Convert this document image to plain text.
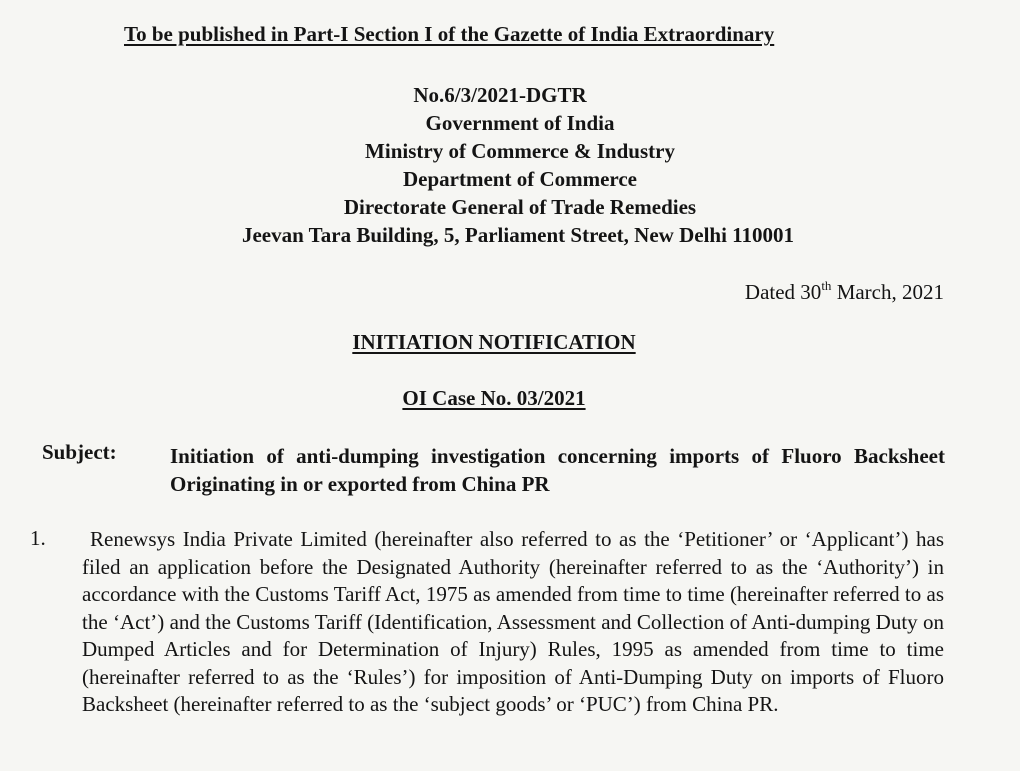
To be published in Part-I Section I of the Gazette of India Extraordinary
No.6/3/2021-DGTR
Government of India
Ministry of Commerce & Industry
Department of Commerce
Directorate General of Trade Remedies
Jeevan Tara Building, 5, Parliament Street, New Delhi 110001
Dated 30th March, 2021
INITIATION NOTIFICATION
OI Case No. 03/2021
Subject:	Initiation of anti-dumping investigation concerning imports of Fluoro Backsheet Originating in or exported from China PR
1.	Renewsys India Private Limited (hereinafter also referred to as the ‘Petitioner’ or ‘Applicant’) has filed an application before the Designated Authority (hereinafter referred to as the ‘Authority’) in accordance with the Customs Tariff Act, 1975 as amended from time to time (hereinafter referred to as the ‘Act’) and the Customs Tariff (Identification, Assessment and Collection of Anti-dumping Duty on Dumped Articles and for Determination of Injury) Rules, 1995 as amended from time to time (hereinafter referred to as the ‘Rules’) for imposition of Anti-Dumping Duty on imports of Fluoro Backsheet (hereinafter referred to as the ‘subject goods’ or ‘PUC’) from China PR.
